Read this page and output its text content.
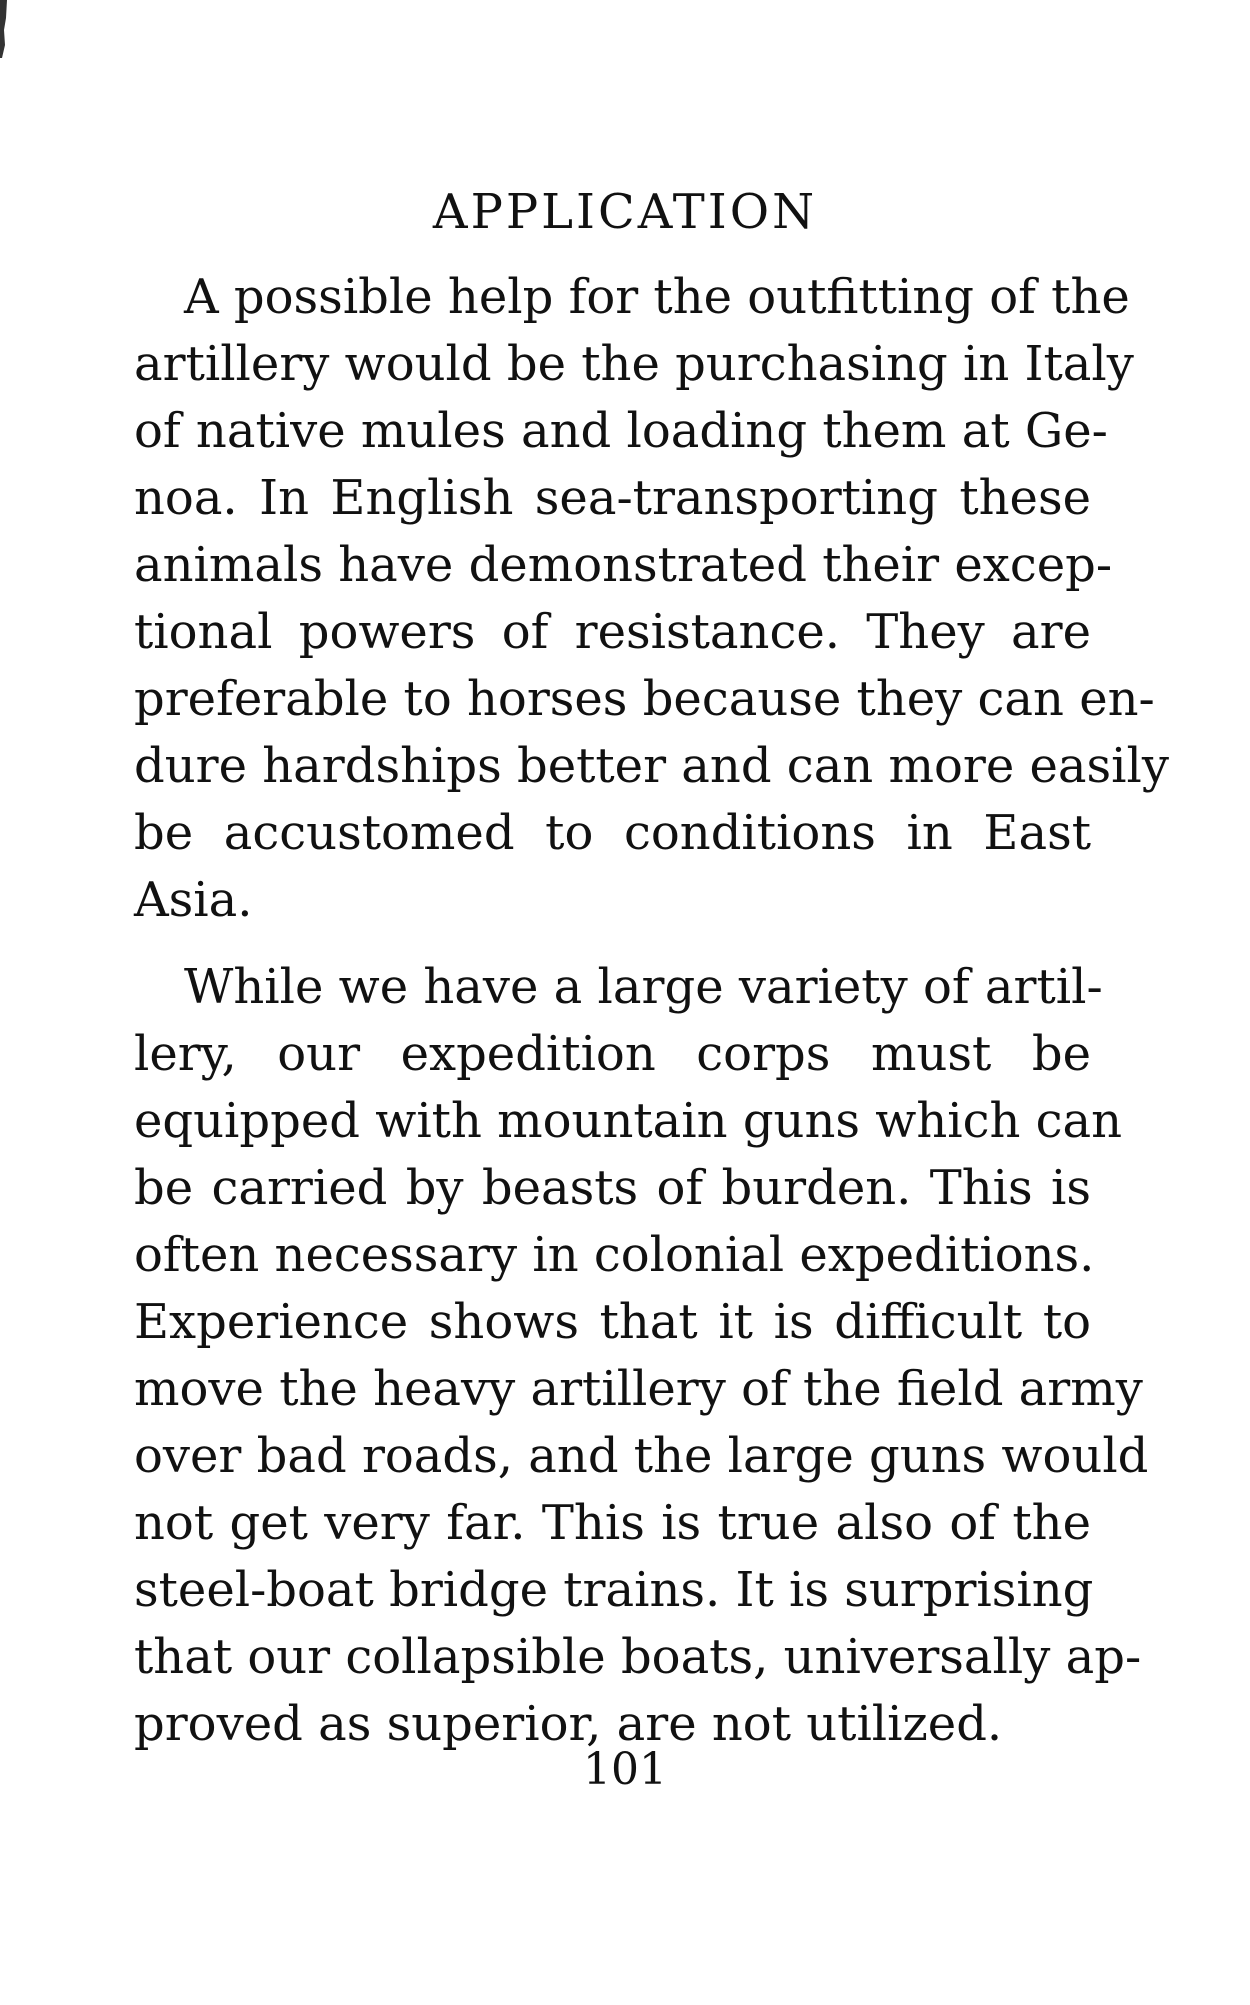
APPLICATION
A possible help for the outfitting of the
artillery would be the purchasing in Italy
of native mules and loading them at Ge-
noa. In English sea-transporting these
animals have demonstrated their excep-
tional powers of resistance. They are
preferable to horses because they can en-
dure hardships better and can more easily
be accustomed to conditions in East
Asia.
While we have a large variety of artil-
lery, our expedition corps must be
equipped with mountain guns which can
be carried by beasts of burden. This is
often necessary in colonial expeditions.
Experience shows that it is difficult to
move the heavy artillery of the field army
over bad roads, and the large guns would
not get very far. This is true also of the
steel-boat bridge trains. It is surprising
that our collapsible boats, universally ap-
proved as superior, are not utilized.
101
